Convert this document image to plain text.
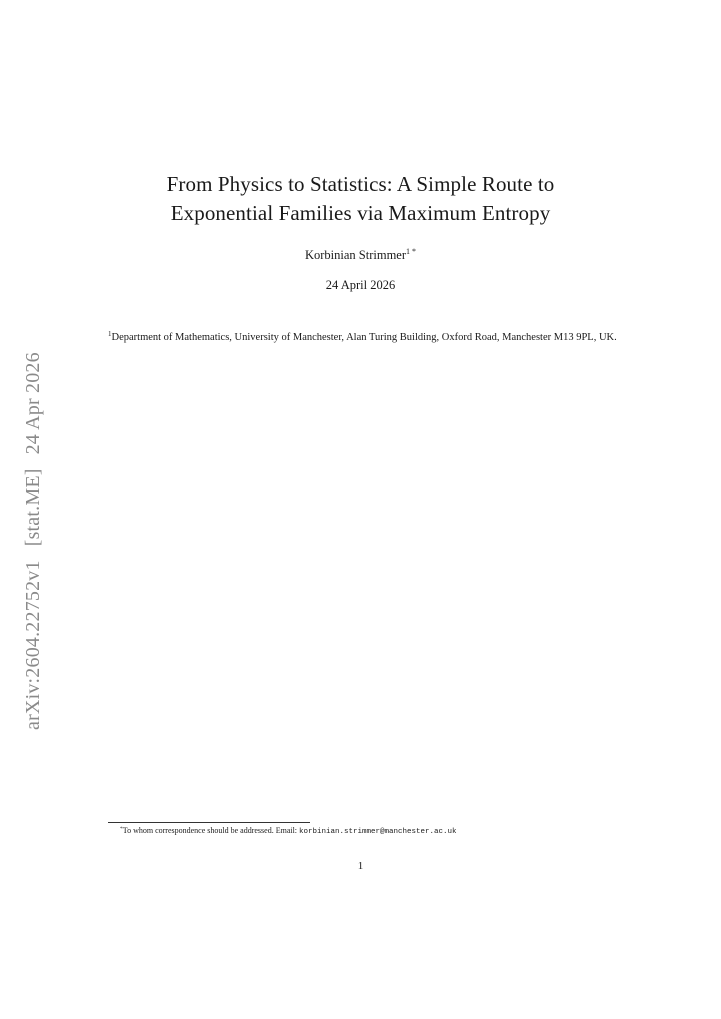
arXiv:2604.22752v1[stat.ME]24 Apr 2026
From Physics to Statistics: A Simple Route to
Exponential Families via Maximum Entropy
Korbinian Strimmer$^1$ *
24 April 2026
$^1$Department of Mathematics, University of Manchester, Alan Turing Building, Oxford Road, Manchester M13 9PL, UK.
*To whom correspondence should be addressed. Email: korbinian.strimmer@manchester.ac.uk
1
